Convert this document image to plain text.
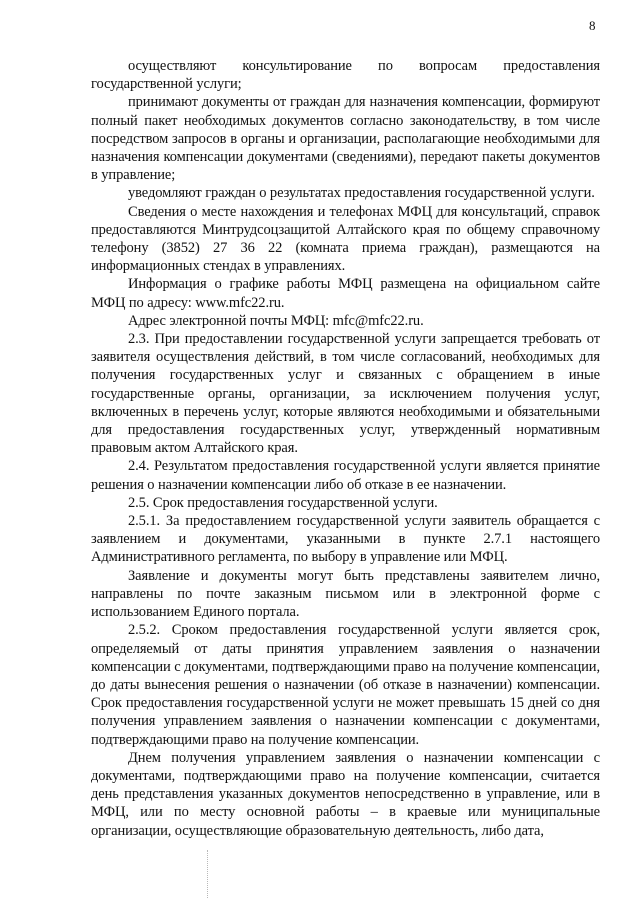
8

осуществляют консультирование по вопросам предоставления государственной услуги;

принимают документы от граждан для назначения компенсации, формируют полный пакет необходимых документов согласно законодательству, в том числе посредством запросов в органы и организации, располагающие необходимыми для назначения компенсации документами (сведениями), передают пакеты документов в управление;

уведомляют граждан о результатах предоставления государственной услуги.

Сведения о месте нахождения и телефонах МФЦ для консультаций, справок предоставляются Минтрудсоцзащитой Алтайского края по общему справочному телефону (3852) 27 36 22 (комната приема граждан), размещаются на информационных стендах в управлениях.

Информация о графике работы МФЦ размещена на официальном сайте МФЦ по адресу: www.mfc22.ru.

Адрес электронной почты МФЦ: mfc@mfc22.ru.

2.3. При предоставлении государственной услуги запрещается требовать от заявителя осуществления действий, в том числе согласований, необходимых для получения государственных услуг и связанных с обращением в иные государственные органы, организации, за исключением получения услуг, включенных в перечень услуг, которые являются необходимыми и обязательными для предоставления государственных услуг, утвержденный нормативным правовым актом Алтайского края.

2.4. Результатом предоставления государственной услуги является принятие решения о назначении компенсации либо об отказе в ее назначении.

2.5. Срок предоставления государственной услуги.

2.5.1. За предоставлением государственной услуги заявитель обращается с заявлением и документами, указанными в пункте 2.7.1 настоящего Административного регламента, по выбору в управление или МФЦ.

Заявление и документы могут быть представлены заявителем лично, направлены по почте заказным письмом или в электронной форме с использованием Единого портала.

2.5.2. Сроком предоставления государственной услуги является срок, определяемый от даты принятия управлением заявления о назначении компенсации с документами, подтверждающими право на получение компенсации, до даты вынесения решения о назначении (об отказе в назначении) компенсации. Срок предоставления государственной услуги не может превышать 15 дней со дня получения управлением заявления о назначении компенсации с документами, подтверждающими право на получение компенсации.

Днем получения управлением заявления о назначении компенсации с документами, подтверждающими право на получение компенсации, считается день представления указанных документов непосредственно в управление, или в МФЦ, или по месту основной работы – в краевые или муниципальные организации, осуществляющие образовательную деятельность, либо дата,
